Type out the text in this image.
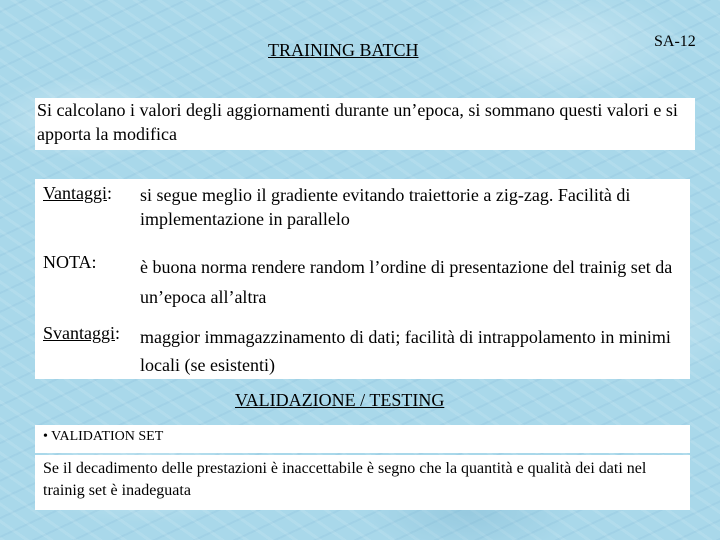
TRAINING BATCH	SA-12
Si calcolano i valori degli aggiornamenti durante un’epoca, si sommano questi valori e si apporta la modifica
Vantaggi: si segue meglio il gradiente evitando traiettorie a zig-zag. Facilità di implementazione in parallelo
NOTA: è buona norma rendere random l’ordine di presentazione del trainig set da un’epoca all’altra
Svantaggi: maggior immagazzinamento di dati; facilità di intrappolamento in minimi locali (se esistenti)
VALIDAZIONE / TESTING
• VALIDATION SET
Se il decadimento delle prestazioni è inaccettabile è segno che la quantità e qualità dei dati nel trainig set è inadeguata
